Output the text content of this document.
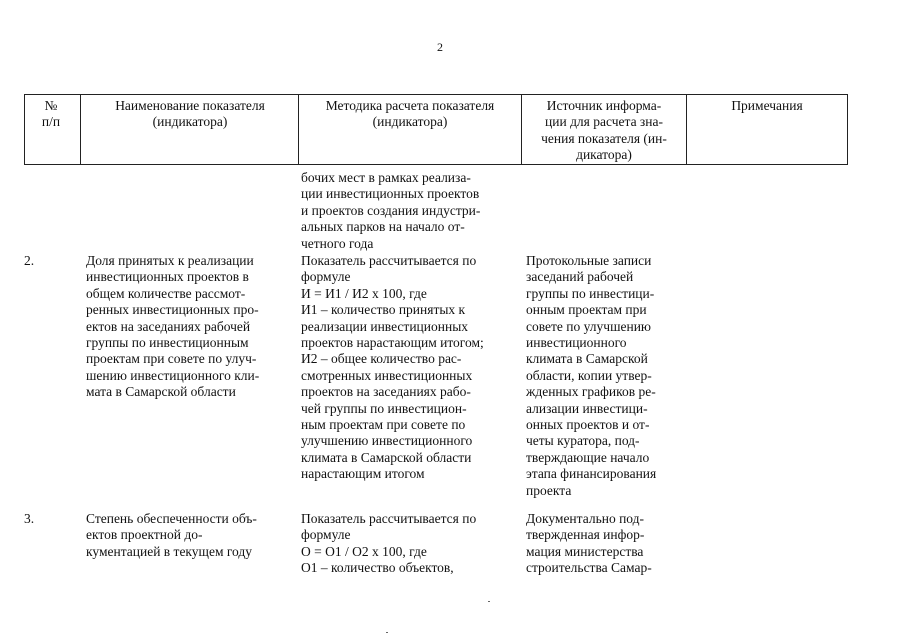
2
№
п/п
Наименование показателя
(индикатора)
Методика расчета показателя
(индикатора)
Источник информа-
ции для расчета зна-
чения показателя (ин-
дикатора)
Примечания
бочих мест в рамках реализа-
ции инвестиционных проектов
и проектов создания индустри-
альных парков на начало от-
четного года
2.	Доля принятых к реализации
инвестиционных проектов в
общем количестве рассмот-
ренных инвестиционных про-
ектов на заседаниях рабочей
группы по инвестиционным
проектам при совете по улуч-
шению инвестиционного кли-
мата в Самарской области
Показатель рассчитывается по
формуле
И = И1 / И2 х 100, где
И1 – количество принятых к
реализации инвестиционных
проектов нарастающим итогом;
И2 – общее количество рас-
смотренных инвестиционных
проектов на заседаниях рабо-
чей группы по инвестицион-
ным проектам при совете по
улучшению инвестиционного
климата в Самарской области
нарастающим итогом
Протокольные записи
заседаний рабочей
группы по инвестици-
онным проектам при
совете по улучшению
инвестиционного
климата в Самарской
области, копии утвер-
жденных графиков ре-
ализации инвестици-
онных проектов и от-
четы куратора, под-
тверждающие начало
этапа финансирования
проекта
3.	Степень обеспеченности объ-
ектов проектной до-
кументацией в текущем году
Показатель рассчитывается по
формуле
О = О1 / О2 х 100, где
О1 – количество объектов,
Документально под-
твержденная инфор-
мация министерства
строительства Самар-
